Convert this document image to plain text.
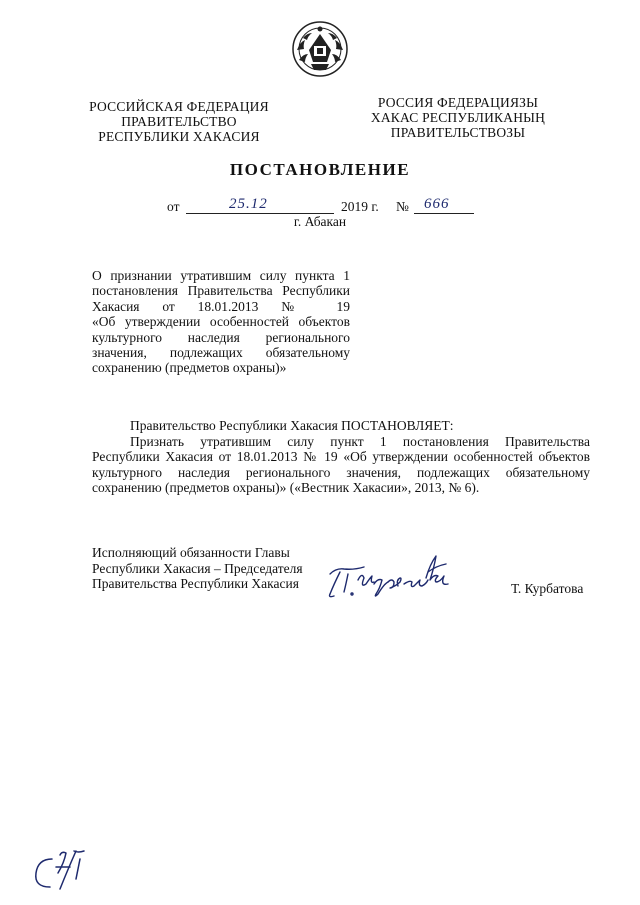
РОССИЙСКАЯ ФЕДЕРАЦИЯ
ПРАВИТЕЛЬСТВО
РЕСПУБЛИКИ ХАКАСИЯ
РОССИЯ ФЕДЕРАЦИЯЗЫ
ХАКАС РЕСПУБЛИКАНЫҢ
ПРАВИТЕЛЬСТВОЗЫ
ПОСТАНОВЛЕНИЕ
от	25.12	2019 г. № 666
г. Абакан
О признании утратившим силу пункта 1
постановления Правительства Республики
Хакасия от 18.01.2013 № 19
«Об утверждении особенностей объектов
культурного наследия регионального
значения, подлежащих обязательному
сохранению (предметов охраны)»
Правительство Республики Хакасия ПОСТАНОВЛЯЕТ:
Признать утратившим силу пункт 1 постановления Правительства
Республики Хакасия от 18.01.2013 № 19 «Об утверждении особенностей объектов
культурного наследия регионального значения, подлежащих обязательному
сохранению (предметов охраны)» («Вестник Хакасии», 2013, № 6).
Исполняющий обязанности Главы
Республики Хакасия – Председателя
Правительства Республики Хакасия	Т. Курбатова
